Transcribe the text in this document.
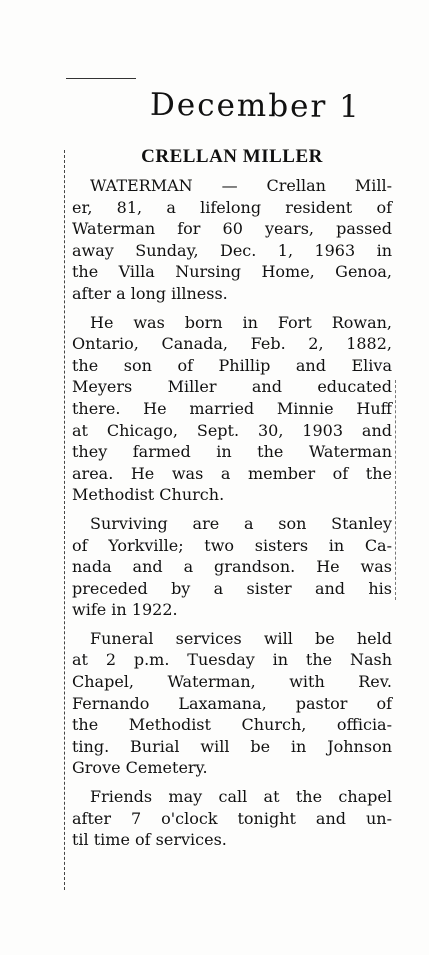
December 1
CRELLAN MILLER
WATERMAN — Crellan Mill-
er, 81, a lifelong resident of
Waterman for 60 years, passed
away Sunday, Dec. 1, 1963 in
the Villa Nursing Home, Genoa,
after a long illness.
He was born in Fort Rowan,
Ontario, Canada, Feb. 2, 1882,
the son of Phillip and Eliva
Meyers Miller and educated
there. He married Minnie Huff
at Chicago, Sept. 30, 1903 and
they farmed in the Waterman
area. He was a member of the
Methodist Church.
Surviving are a son Stanley
of Yorkville; two sisters in Ca-
nada and a grandson. He was
preceded by a sister and his
wife in 1922.
Funeral services will be held
at 2 p.m. Tuesday in the Nash
Chapel, Waterman, with Rev.
Fernando Laxamana, pastor of
the Methodist Church, officia-
ting. Burial will be in Johnson
Grove Cemetery.
Friends may call at the chapel
after 7 o'clock tonight and un-
til time of services.
